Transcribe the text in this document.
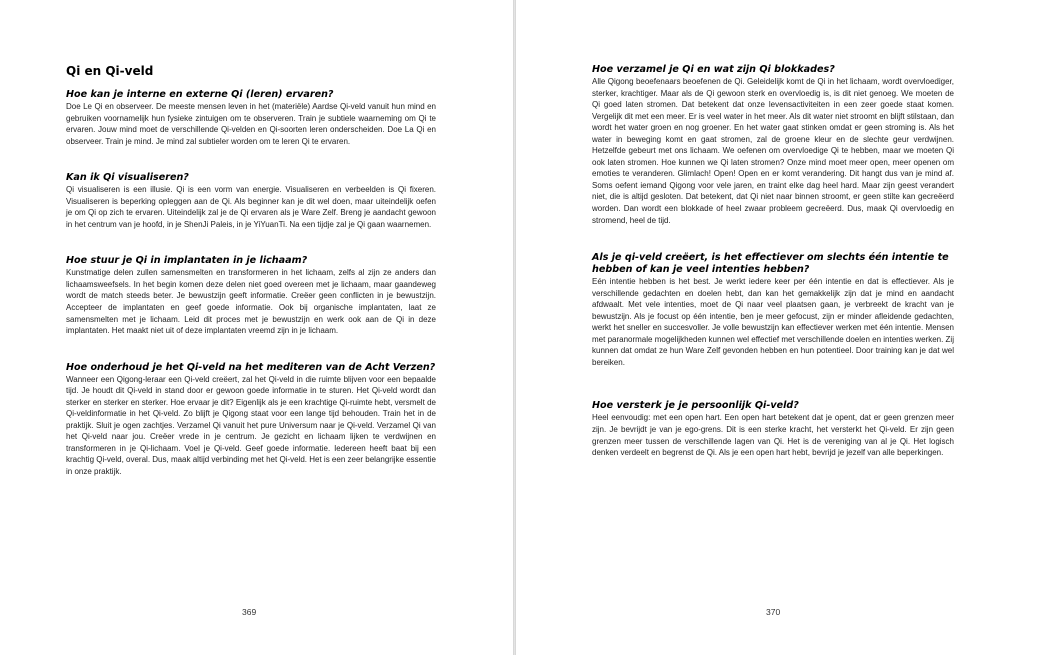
Qi en Qi-veld

Hoe kan je interne en externe Qi (leren) ervaren?

Doe Le Qi en observeer. De meeste mensen leven in het (materiële) Aardse Qi-veld vanuit hun mind en gebruiken voornamelijk hun fysieke zintuigen om te observeren. Train je subtiele waarneming om Qi te ervaren. Jouw mind moet de verschillende Qi-velden en Qi-soorten leren onderscheiden. Doe La Qi en observeer. Train je mind. Je mind zal subtieler worden om te leren Qi te ervaren.

Kan ik Qi visualiseren?

Qi visualiseren is een illusie. Qi is een vorm van energie. Visualiseren en verbeelden is Qi fixeren. Visualiseren is beperking opleggen aan de Qi. Als beginner kan je dit wel doen, maar uiteindelijk oefen je om Qi op zich te ervaren. Uiteindelijk zal je de Qi ervaren als je Ware Zelf. Breng je aandacht gewoon in het centrum van je hoofd, in je ShenJi Paleis, in je YiYuanTi. Na een tijdje zal je Qi gaan waarnemen.

Hoe stuur je Qi in implantaten in je lichaam?

Kunstmatige delen zullen samensmelten en transformeren in het lichaam, zelfs al zijn ze anders dan lichaamsweefsels. In het begin komen deze delen niet goed overeen met je lichaam, maar gaandeweg wordt de match steeds beter. Je bewustzijn geeft informatie. Creëer geen conflicten in je bewustzijn. Accepteer de implantaten en geef goede informatie. Ook bij organische implantaten, laat ze samensmelten met je lichaam. Leid dit proces met je bewustzijn en werk ook aan de Qi in deze implantaten. Het maakt niet uit of deze implantaten vreemd zijn in je lichaam.

Hoe onderhoud je het Qi-veld na het mediteren van de Acht Verzen?

Wanneer een Qigong-leraar een Qi-veld creëert, zal het Qi-veld in die ruimte blijven voor een bepaalde tijd. Je houdt dit Qi-veld in stand door er gewoon goede informatie in te sturen. Het Qi-veld wordt dan sterker en sterker en sterker. Hoe ervaar je dit? Eigenlijk als je een krachtige Qi-ruimte hebt, versmelt de Qi-veldinformatie in het Qi-veld. Zo blijft je Qigong staat voor een lange tijd behouden. Train het in de praktijk. Sluit je ogen zachtjes. Verzamel Qi vanuit het pure Universum naar je Qi-veld. Verzamel Qi van het Qi-veld naar jou. Creëer vrede in je centrum. Je gezicht en lichaam lijken te verdwijnen en transformeren in je Qi-lichaam. Voel je Qi-veld. Geef goede informatie. Iedereen heeft baat bij een krachtig Qi-veld, overal. Dus, maak altijd verbinding met het Qi-veld. Het is een zeer belangrijke essentie in onze praktijk.

369

Hoe verzamel je Qi en wat zijn Qi blokkades?

Alle Qigong beoefenaars beoefenen de Qi. Geleidelijk komt de Qi in het lichaam, wordt overvloediger, sterker, krachtiger. Maar als de Qi gewoon sterk en overvloedig is, is dit niet genoeg. We moeten de Qi goed laten stromen. Dat betekent dat onze levensactiviteiten in een zeer goede staat komen. Vergelijk dit met een meer. Er is veel water in het meer. Als dit water niet stroomt en blijft stilstaan, dan wordt het water groen en nog groener. En het water gaat stinken omdat er geen stroming is. Als het water in beweging komt en gaat stromen, zal de groene kleur en de slechte geur verdwijnen. Hetzelfde gebeurt met ons lichaam. We oefenen om overvloedige Qi te hebben, maar we moeten Qi ook laten stromen. Hoe kunnen we Qi laten stromen? Onze mind moet meer open, meer openen om emoties te veranderen. Glimlach! Open! Open en er komt verandering. Dit hangt dus van je mind af. Soms oefent iemand Qigong voor vele jaren, en traint elke dag heel hard. Maar zijn geest verandert niet, die is altijd gesloten. Dat betekent, dat Qi niet naar binnen stroomt, er geen stilte kan gecreëerd worden. Dan wordt een blokkade of heel zwaar probleem gecreëerd. Dus, maak Qi overvloedig en stromend, heel de tijd.

Als je qi-veld creëert, is het effectiever om slechts één intentie te hebben of kan je veel intenties hebben?

Eén intentie hebben is het best. Je werkt iedere keer per één intentie en dat is effectiever. Als je verschillende gedachten en doelen hebt, dan kan het gemakkelijk zijn dat je mind en aandacht afdwaalt. Met vele intenties, moet de Qi naar veel plaatsen gaan, je verbreekt de kracht van je bewustzijn. Als je focust op één intentie, ben je meer gefocust, zijn er minder afleidende gedachten, werkt het sneller en succesvoller. Je volle bewustzijn kan effectiever werken met één intentie. Mensen met paranormale mogelijkheden kunnen wel effectief met verschillende doelen en intenties werken. Zij kunnen dat omdat ze hun Ware Zelf gevonden hebben en hun potentieel. Door training kan je dat wel bereiken.

Hoe versterk je je persoonlijk Qi-veld?

Heel eenvoudig: met een open hart. Een open hart betekent dat je opent, dat er geen grenzen meer zijn. Je bevrijdt je van je ego-grens. Dit is een sterke kracht, het versterkt het Qi-veld. Er zijn geen grenzen meer tussen de verschillende lagen van Qi. Het is de vereniging van al je Qi. Het logisch denken verdeelt en begrenst de Qi. Als je een open hart hebt, bevrijd je jezelf van alle beperkingen.

370
